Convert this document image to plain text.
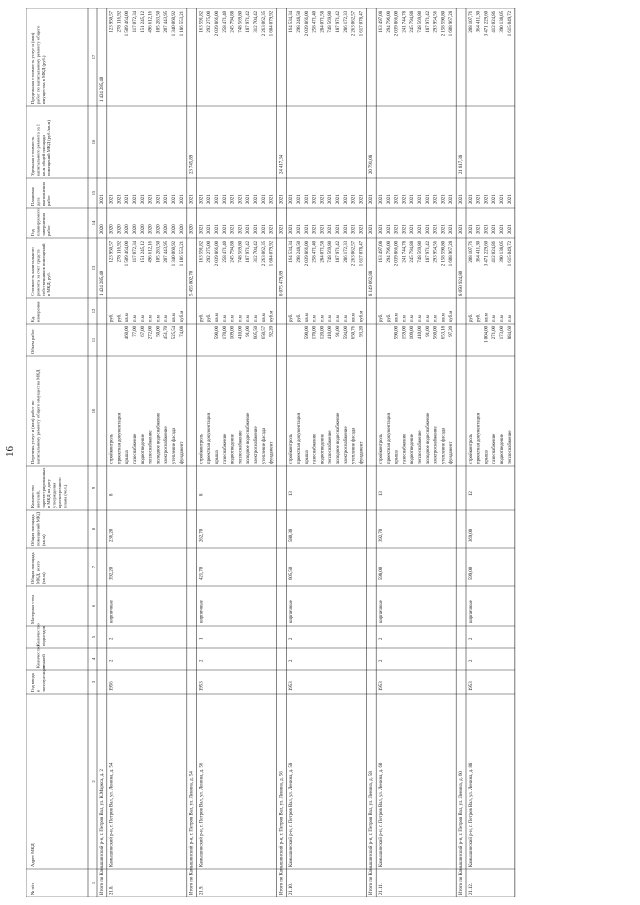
16
№ п/п
Адрес МКД
Год вводавэксплуатацию
Количествоэтажей
Количествоподъездов
Материал стен
Общая площадьМКД, всего(кв.м)
Общая площадьпомещений МКД(кв.м)
Количествожителей,зарегистрированныхв МКД на датуутверждениякраткосрочногоплана (чел.)
Перечень услуг и (или) работ покапитальному ремонту общего имущества МКД
Объем работ
Ед.измерения
Стоимость капитальногоремонта за счет средствсобственников помещенийв МКД, руб.
Годпланируемогозавершенияработ
Плановаядатавыполненияработ
Удельная стоимостькапитального ремонта за 1кв.м общей площадипомещений МКД (руб./кв.м)
Предельная стоимость услуг и (или)работ по капитальному ремонту общегоимущества в МКД (руб.)
1
2
3
4
5
6
7
8
9
10
11
12
13
14
15
16
17
Итого по Камышинский р-н, г. Петров Вал, ул. К.Маркса, д. 2
1 424 285,40
2020
2021
1 424 285,40
21.8.
Камышинский р-н, г. Петров Вал, ул. Ленина, д. 54
1956
2
2
кирпичные
392,20
236,20
8
стройконтроль
руб.
123 950,57
2020
2021
123 950,57
проектная документация
руб.
278 116,92
2020
2021
278 116,92
крыша
460,00
кв.м
1 509 464,00
2020
2021
1 509 464,00
газоснабжение
77,00
п.м
117 072,34
2020
2021
117 072,34
водоотведение
67,00
п.м
151 245,12
2020
2021
151 245,12
теплоснабжение
272,00
п.м
496 612,16
2020
2021
496 612,16
холодное водоснабжение
50,00
п.м
105 283,50
2020
2021
105 283,50
электроснабжение
451,70
п.м
207 443,95
2020
2021
207 443,95
утепление фасада
525,54
кв.м
1 340 060,92
2020
2021
1 340 060,92
фундамент
74,08
куб.м
1 186 553,21
2020
2021
1 186 553,21
Итого по Камышинский р-н, г. Петров Вал, ул. Ленина, д. 54
5 455 802,70
2020
2021
23 745,89
21.9.
Камышинский р-н, г. Петров Вал, ул. Ленина, д. 56
1953
2
1
кирпичные
421,70
262,70
8
стройконтроль
руб.
163 591,82
2021
2021
163 591,82
проектная документация
руб.
292 275,00
2021
2021
292 275,00
крыша
590,00
кв.м
2 039 866,00
2021
2021
2 039 866,00
газоснабжение
170,00
п.м
258 471,40
2021
2021
258 471,40
водоотведение
109,00
п.м
245 794,88
2021
2021
245 794,88
теплоснабжение
410,00
п.м
748 569,80
2021
2021
748 569,80
холодное водоснабжение
91,00
п.м
187 971,42
2021
2021
187 971,42
электроснабжение
605,50
п.м
312 704,42
2021
2021
312 704,42
утепление фасада
650,57
кв.м
2 263 062,35
2021
2021
2 263 062,35
фундамент
92,20
куб.м
1 604 079,92
2021
2021
1 604 079,92
Итого по Камышинский р-н, г. Петров Вал, ул. Ленина, д. 56
8 075 479,89
2021
2021
24 417,34
21.10.
Камышинский р-н, г. Петров Вал, ул. Ленина, д. 58
1953
2
2
кирпичные
605,50
580,30
13
стройконтроль
руб.
164 534,34
2021
2021
164 534,34
проектная документация
руб.
298 248,50
2021
2021
298 248,50
крыша
590,00
кв.м
2 039 866,00
2021
2021
2 039 866,00
газоснабжение
170,00
п.м
258 471,40
2021
2021
258 471,40
водоотведение
120,00
п.м
284 071,58
2021
2021
284 071,58
теплоснабжение
410,00
п.м
748 569,80
2021
2021
748 569,80
холодное водоснабжение
91,00
п.м
187 971,42
2021
2021
187 971,42
электроснабжение
594,00
п.м
286 172,33
2021
2021
286 172,33
утепление фасада
650,76
кв.м
2 263 062,57
2021
2021
2 263 062,57
фундамент
93,20
куб.м
1 617 078,47
2021
2021
1 617 078,47
Итого по Камышинский р-н, г. Петров Вал, ул. Ленина, д. 58
8 149 062,88
2021
2021
20 791,08
21.11.
Камышинский р-н, г. Петров Вал, ул. Ленина, д. 60
1953
2
2
кирпичные
598,00
392,70
13
стройконтроль
руб.
163 497,08
2021
2021
163 497,08
проектная документация
руб.
294 796,00
2021
2021
294 796,00
крыша
590,00
кв.м
2 039 866,00
2021
2021
2 039 866,00
газоснабжение
159,00
п.м
241 744,78
2021
2021
241 744,78
водоотведение
109,00
п.м
245 794,88
2021
2021
245 794,88
теплоснабжение
410,00
п.м
748 569,80
2021
2021
748 569,80
холодное водоснабжение
91,00
п.м
187 971,42
2021
2021
187 971,42
электроснабжение
560,00
п.м
293 954,56
2021
2021
293 954,56
утепление фасада
653,18
кв.м
2 158 590,80
2021
2021
2 158 590,80
фундамент
97,20
куб.м
1 608 967,28
2021
2021
1 608 967,28
Итого по Камышинский р-н, г. Петров Вал, ул. Ленина, д. 60
8 050 924,80
2021
2021
21 817,38
21.12.
Камышинский р-н, г. Петров Вал, ул. Ленина, д. 88
1953
2
2
кирпичные
599,00
369,00
12
стройконтроль
руб.
208 107,76
2021
2021
208 107,76
проектная документация
руб.
364 411,30
2021
2021
364 411,30
крыша
1 004,00
кв.м
3 471 229,60
2021
2021
3 471 229,60
газоснабжение
271,00
п.м
412 024,86
2021
2021
412 024,86
водоотведение
173,00
п.м
390 138,05
2021
2021
390 138,05
теплоснабжение
884,60
п.м
1 615 049,72
2021
2021
1 615 049,72
